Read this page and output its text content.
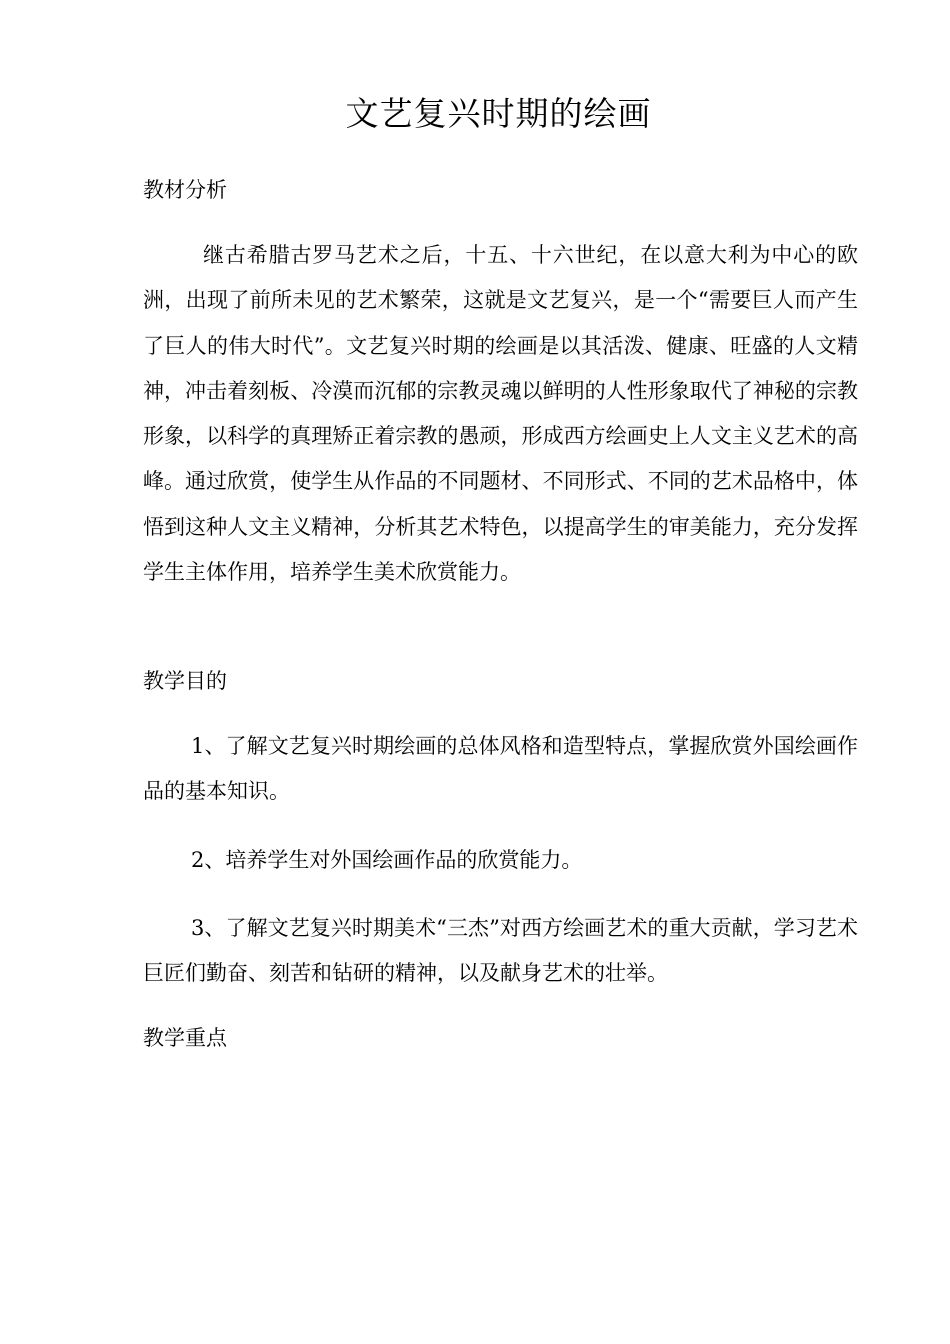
文艺复兴时期的绘画
教材分析
继古希腊古罗马艺术之后，十五、十六世纪，在以意大利为中心的欧洲，出现了前所未见的艺术繁荣，这就是文艺复兴，是一个“需要巨人而产生了巨人的伟大时代”。文艺复兴时期的绘画是以其活泼、健康、旺盛的人文精神，冲击着刻板、冷漠而沉郁的宗教灵魂以鲜明的人性形象取代了神秘的宗教形象，以科学的真理矫正着宗教的愚顽，形成西方绘画史上人文主义艺术的高峰。通过欣赏，使学生从作品的不同题材、不同形式、不同的艺术品格中，体悟到这种人文主义精神，分析其艺术特色，以提高学生的审美能力，充分发挥学生主体作用，培养学生美术欣赏能力。
教学目的
1、了解文艺复兴时期绘画的总体风格和造型特点，掌握欣赏外国绘画作品的基本知识。
2、培养学生对外国绘画作品的欣赏能力。
3、了解文艺复兴时期美术“三杰”对西方绘画艺术的重大贡献，学习艺术巨匠们勤奋、刻苦和钻研的精神，以及献身艺术的壮举。
教学重点
